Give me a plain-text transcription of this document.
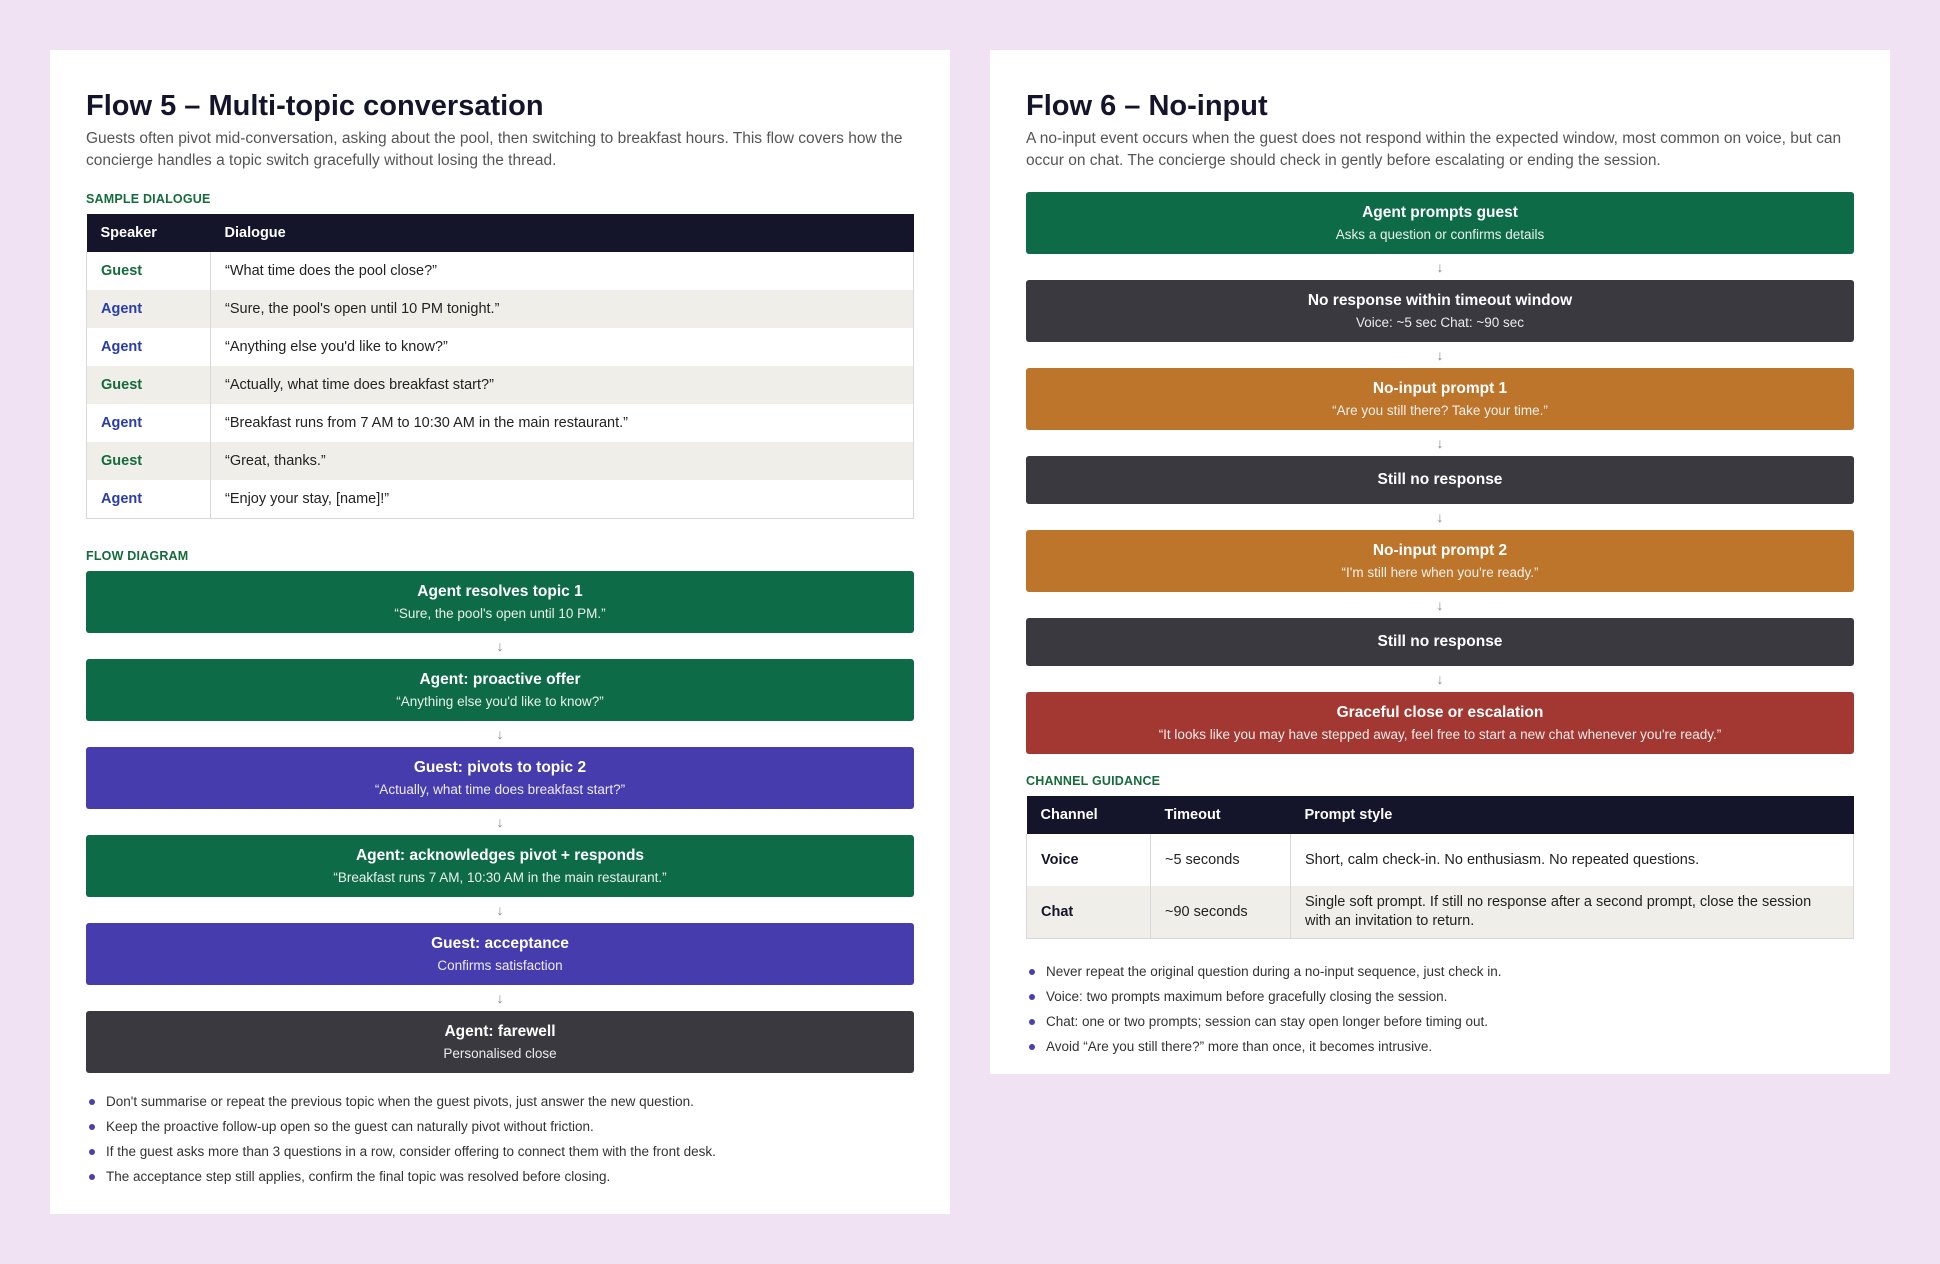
Flow 5 – Multi-topic conversation

Guests often pivot mid-conversation, asking about the pool, then switching to breakfast hours. This flow covers how the concierge handles a topic switch gracefully without losing the thread.

SAMPLE DIALOGUE
Speaker	Dialogue
Guest	“What time does the pool close?”
Agent	“Sure, the pool's open until 10 PM tonight.”
Agent	“Anything else you'd like to know?”
Guest	“Actually, what time does breakfast start?”
Agent	“Breakfast runs from 7 AM to 10:30 AM in the main restaurant.”
Guest	“Great, thanks.”
Agent	“Enjoy your stay, [name]!”
FLOW DIAGRAM
Agent resolves topic 1
“Sure, the pool's open until 10 PM.”
↓
Agent: proactive offer
“Anything else you'd like to know?”
↓
Guest: pivots to topic 2
“Actually, what time does breakfast start?”
↓
Agent: acknowledges pivot + responds
“Breakfast runs 7 AM, 10:30 AM in the main restaurant.”
↓
Guest: acceptance
Confirms satisfaction
↓
Agent: farewell
Personalised close
Don't summarise or repeat the previous topic when the guest pivots, just answer the new question.
Keep the proactive follow-up open so the guest can naturally pivot without friction.
If the guest asks more than 3 questions in a row, consider offering to connect them with the front desk.
The acceptance step still applies, confirm the final topic was resolved before closing.
Flow 6 – No-input

A no-input event occurs when the guest does not respond within the expected window, most common on voice, but can occur on chat. The concierge should check in gently before escalating or ending the session.

Agent prompts guest
Asks a question or confirms details
↓
No response within timeout window
Voice: ~5 sec Chat: ~90 sec
↓
No-input prompt 1
“Are you still there? Take your time.”
↓
Still no response
↓
No-input prompt 2
“I'm still here when you're ready.”
↓
Still no response
↓
Graceful close or escalation
“It looks like you may have stepped away, feel free to start a new chat whenever you're ready.”
CHANNEL GUIDANCE
Channel	Timeout	Prompt style
Voice	~5 seconds	Short, calm check-in. No enthusiasm. No repeated questions.
Chat	~90 seconds	Single soft prompt. If still no response after a second prompt, close the session with an invitation to return.
Never repeat the original question during a no-input sequence, just check in.
Voice: two prompts maximum before gracefully closing the session.
Chat: one or two prompts; session can stay open longer before timing out.
Avoid “Are you still there?” more than once, it becomes intrusive.
